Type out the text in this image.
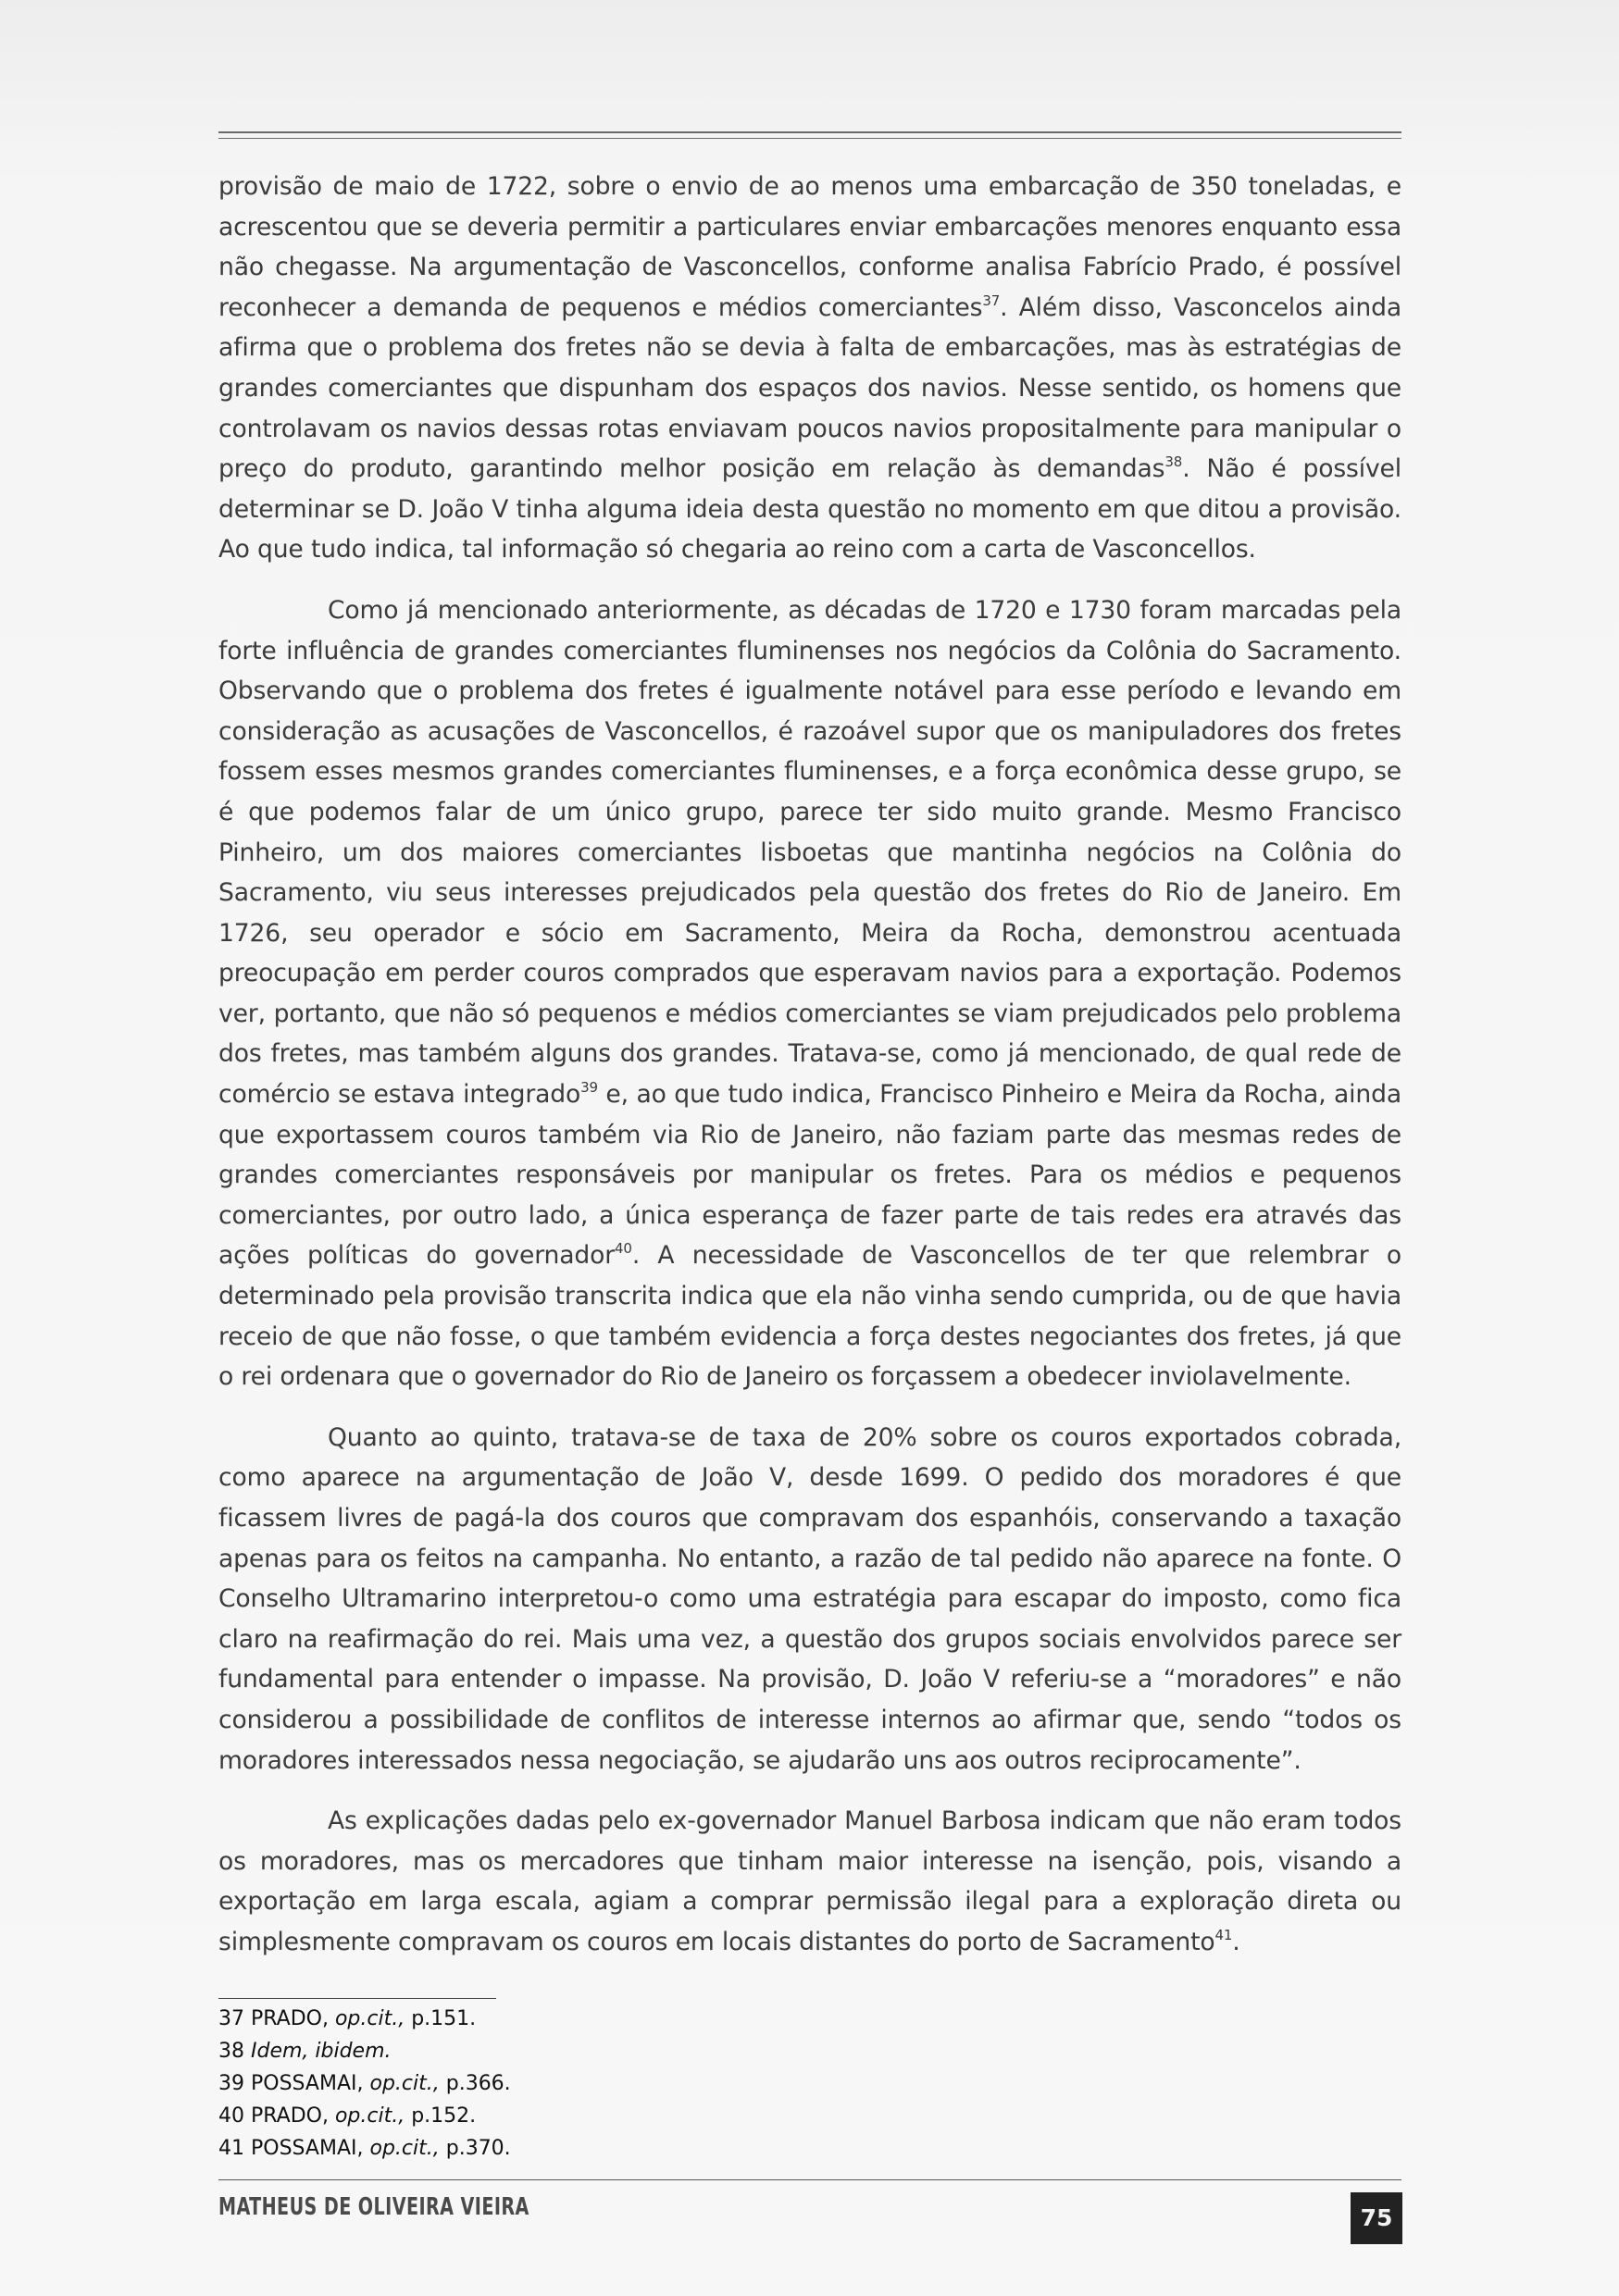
provisão de maio de 1722, sobre o envio de ao menos uma embarcação de 350 toneladas, e acrescentou que se deveria permitir a particulares enviar embarcações menores enquanto essa não chegasse. Na argumentação de Vasconcellos, conforme analisa Fabrício Prado, é possível reconhecer a demanda de pequenos e médios comerciantes$^{37}$. Além disso, Vasconcelos ainda afirma que o problema dos fretes não se devia à falta de embarcações, mas às estratégias de grandes comerciantes que dispunham dos espaços dos navios. Nesse sentido, os homens que controlavam os navios dessas rotas enviavam poucos navios propositalmente para manipular o preço do produto, garantindo melhor posição em relação às demandas$^{38}$. Não é possível determinar se D. João V tinha alguma ideia desta questão no momento em que ditou a provisão. Ao que tudo indica, tal informação só chegaria ao reino com a carta de Vasconcellos.

Como já mencionado anteriormente, as décadas de 1720 e 1730 foram marcadas pela forte influência de grandes comerciantes fluminenses nos negócios da Colônia do Sacramento. Observando que o problema dos fretes é igualmente notável para esse período e levando em consideração as acusações de Vasconcellos, é razoável supor que os manipuladores dos fretes fossem esses mesmos grandes comerciantes fluminenses, e a força econômica desse grupo, se é que podemos falar de um único grupo, parece ter sido muito grande. Mesmo Francisco Pinheiro, um dos maiores comerciantes lisboetas que mantinha negócios na Colônia do Sacramento, viu seus interesses prejudicados pela questão dos fretes do Rio de Janeiro. Em 1726, seu operador e sócio em Sacramento, Meira da Rocha, demonstrou acentuada preocupação em perder couros comprados que esperavam navios para a exportação. Podemos ver, portanto, que não só pequenos e médios comerciantes se viam prejudicados pelo problema dos fretes, mas também alguns dos grandes. Tratava-se, como já mencionado, de qual rede de comércio se estava integrado$^{39}$ e, ao que tudo indica, Francisco Pinheiro e Meira da Rocha, ainda que exportassem couros também via Rio de Janeiro, não faziam parte das mesmas redes de grandes comerciantes responsáveis por manipular os fretes. Para os médios e pequenos comerciantes, por outro lado, a única esperança de fazer parte de tais redes era através das ações políticas do governador$^{40}$. A necessidade de Vasconcellos de ter que relembrar o determinado pela provisão transcrita indica que ela não vinha sendo cumprida, ou de que havia receio de que não fosse, o que também evidencia a força destes negociantes dos fretes, já que o rei ordenara que o governador do Rio de Janeiro os forçassem a obedecer inviolavelmente.

Quanto ao quinto, tratava-se de taxa de 20% sobre os couros exportados cobrada, como aparece na argumentação de João V, desde 1699. O pedido dos moradores é que ficassem livres de pagá-la dos couros que compravam dos espanhóis, conservando a taxação apenas para os feitos na campanha. No entanto, a razão de tal pedido não aparece na fonte. O Conselho Ultramarino interpretou-o como uma estratégia para escapar do imposto, como fica claro na reafirmação do rei. Mais uma vez, a questão dos grupos sociais envolvidos parece ser fundamental para entender o impasse. Na provisão, D. João V referiu-se a “moradores” e não considerou a possibilidade de conflitos de interesse internos ao afirmar que, sendo “todos os moradores interessados nessa negociação, se ajudarão uns aos outros reciprocamente”.

As explicações dadas pelo ex-governador Manuel Barbosa indicam que não eram todos os moradores, mas os mercadores que tinham maior interesse na isenção, pois, visando a exportação em larga escala, agiam a comprar permissão ilegal para a exploração direta ou simplesmente compravam os couros em locais distantes do porto de Sacramento$^{41}$.

37 PRADO, op.cit., p.151.
38 Idem, ibidem.
39 POSSAMAI, op.cit., p.366.
40 PRADO, op.cit., p.152.
41 POSSAMAI, op.cit., p.370.
MATHEUS DE OLIVEIRA VIEIRA	75
